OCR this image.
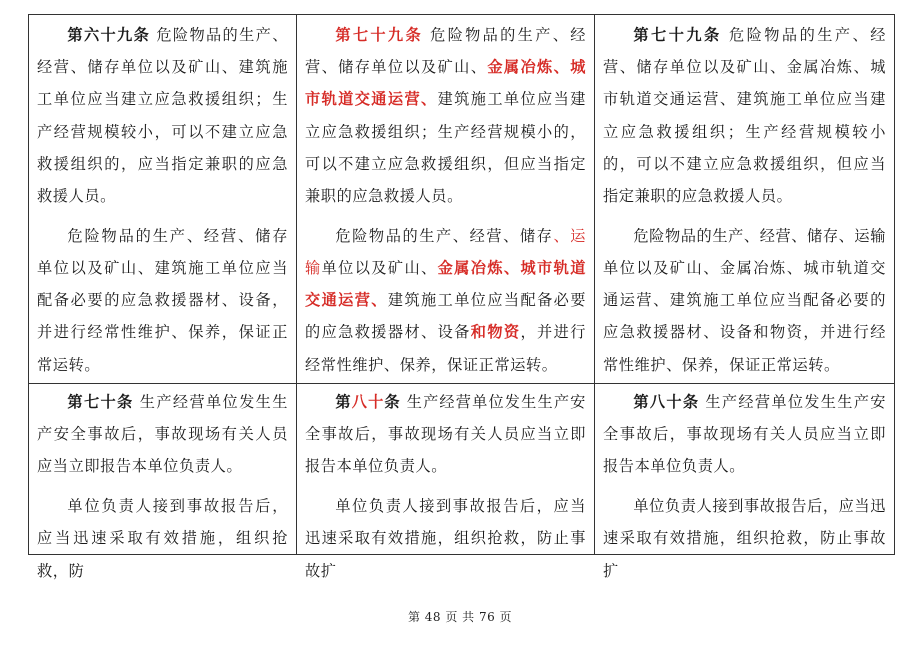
第六十九条 危险物品的生产、经营、储存单位以及矿山、建筑施工单位应当建立应急救援组织；生产经营规模较小，可以不建立应急救援组织的，应当指定兼职的应急救援人员。

危险物品的生产、经营、储存单位以及矿山、建筑施工单位应当配备必要的应急救援器材、设备，并进行经常性维护、保养，保证正常运转。

第七十九条 危险物品的生产、经营、储存单位以及矿山、金属冶炼、城市轨道交通运营、建筑施工单位应当建立应急救援组织；生产经营规模小的，可以不建立应急救援组织，但应当指定兼职的应急救援人员。

危险物品的生产、经营、储存、运输单位以及矿山、金属冶炼、城市轨道交通运营、建筑施工单位应当配备必要的应急救援器材、设备和物资，并进行经常性维护、保养，保证正常运转。

第七十九条 危险物品的生产、经营、储存单位以及矿山、金属冶炼、城市轨道交通运营、建筑施工单位应当建立应急救援组织；生产经营规模较小的，可以不建立应急救援组织，但应当指定兼职的应急救援人员。

危险物品的生产、经营、储存、运输单位以及矿山、金属冶炼、城市轨道交通运营、建筑施工单位应当配备必要的应急救援器材、设备和物资，并进行经常性维护、保养，保证正常运转。

第七十条 生产经营单位发生生产安全事故后，事故现场有关人员应当立即报告本单位负责人。

单位负责人接到事故报告后，应当迅速采取有效措施，组织抢救，防

第八十条 生产经营单位发生生产安全事故后，事故现场有关人员应当立即报告本单位负责人。

单位负责人接到事故报告后，应当迅速采取有效措施，组织抢救，防止事故扩

第八十条 生产经营单位发生生产安全事故后，事故现场有关人员应当立即报告本单位负责人。

单位负责人接到事故报告后，应当迅速采取有效措施，组织抢救，防止事故扩

第 48 页 共 76 页
